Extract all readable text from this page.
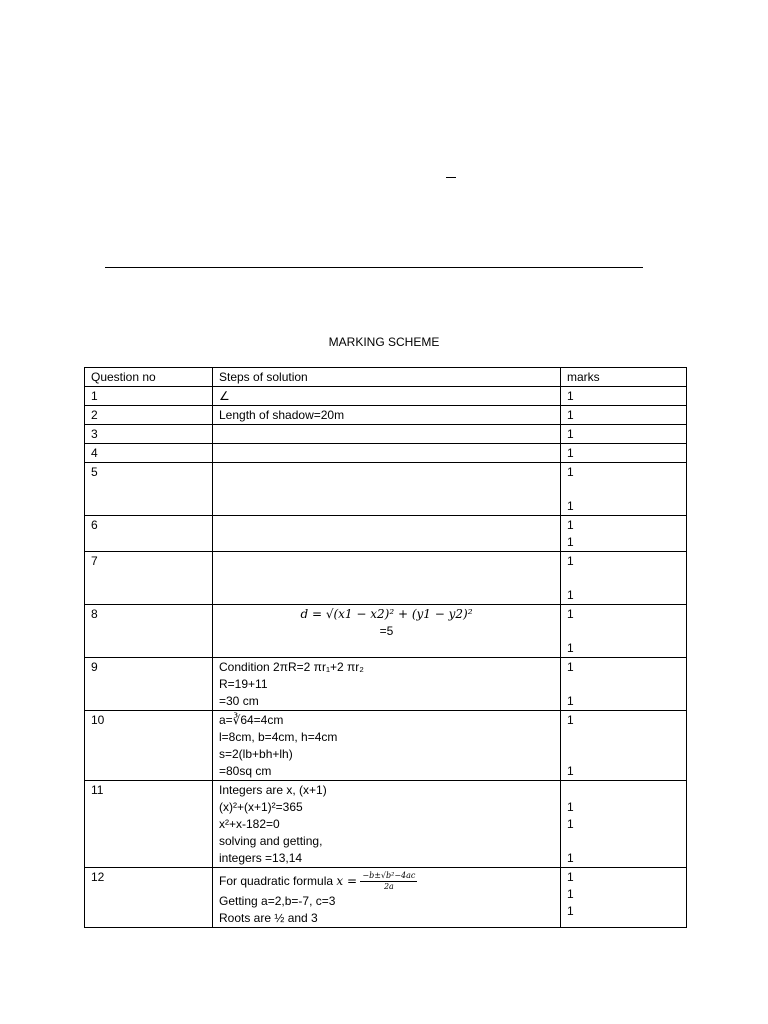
MARKING SCHEME
Question no	Steps of solution	marks
1	∠	1

2	Length of shadow=20m	1

3		1

4		1

5		1
1

6		1
1

7		1
1

8	d = √(x1 − x2)² + (y1 − y2)²
=5	1
1

9	Condition 2πR=2 πr₁+2 πr₂
R=19+11
=30 cm	1
1

10	a=∛64=4cm
l=8cm, b=4cm, h=4cm
s=2(lb+bh+lh)
=80sq cm	1
1

11	Integers are x, (x+1)
(x)²+(x+1)²=365
x²+x-182=0
solving and getting,
integers =13,14	1
1
1

12	For quadratic formula $x = \frac{\text{−b±√b²−4ac}}{2a}$
Getting a=2,b=-7, c=3
Roots are ½ and 3	1
1
1
